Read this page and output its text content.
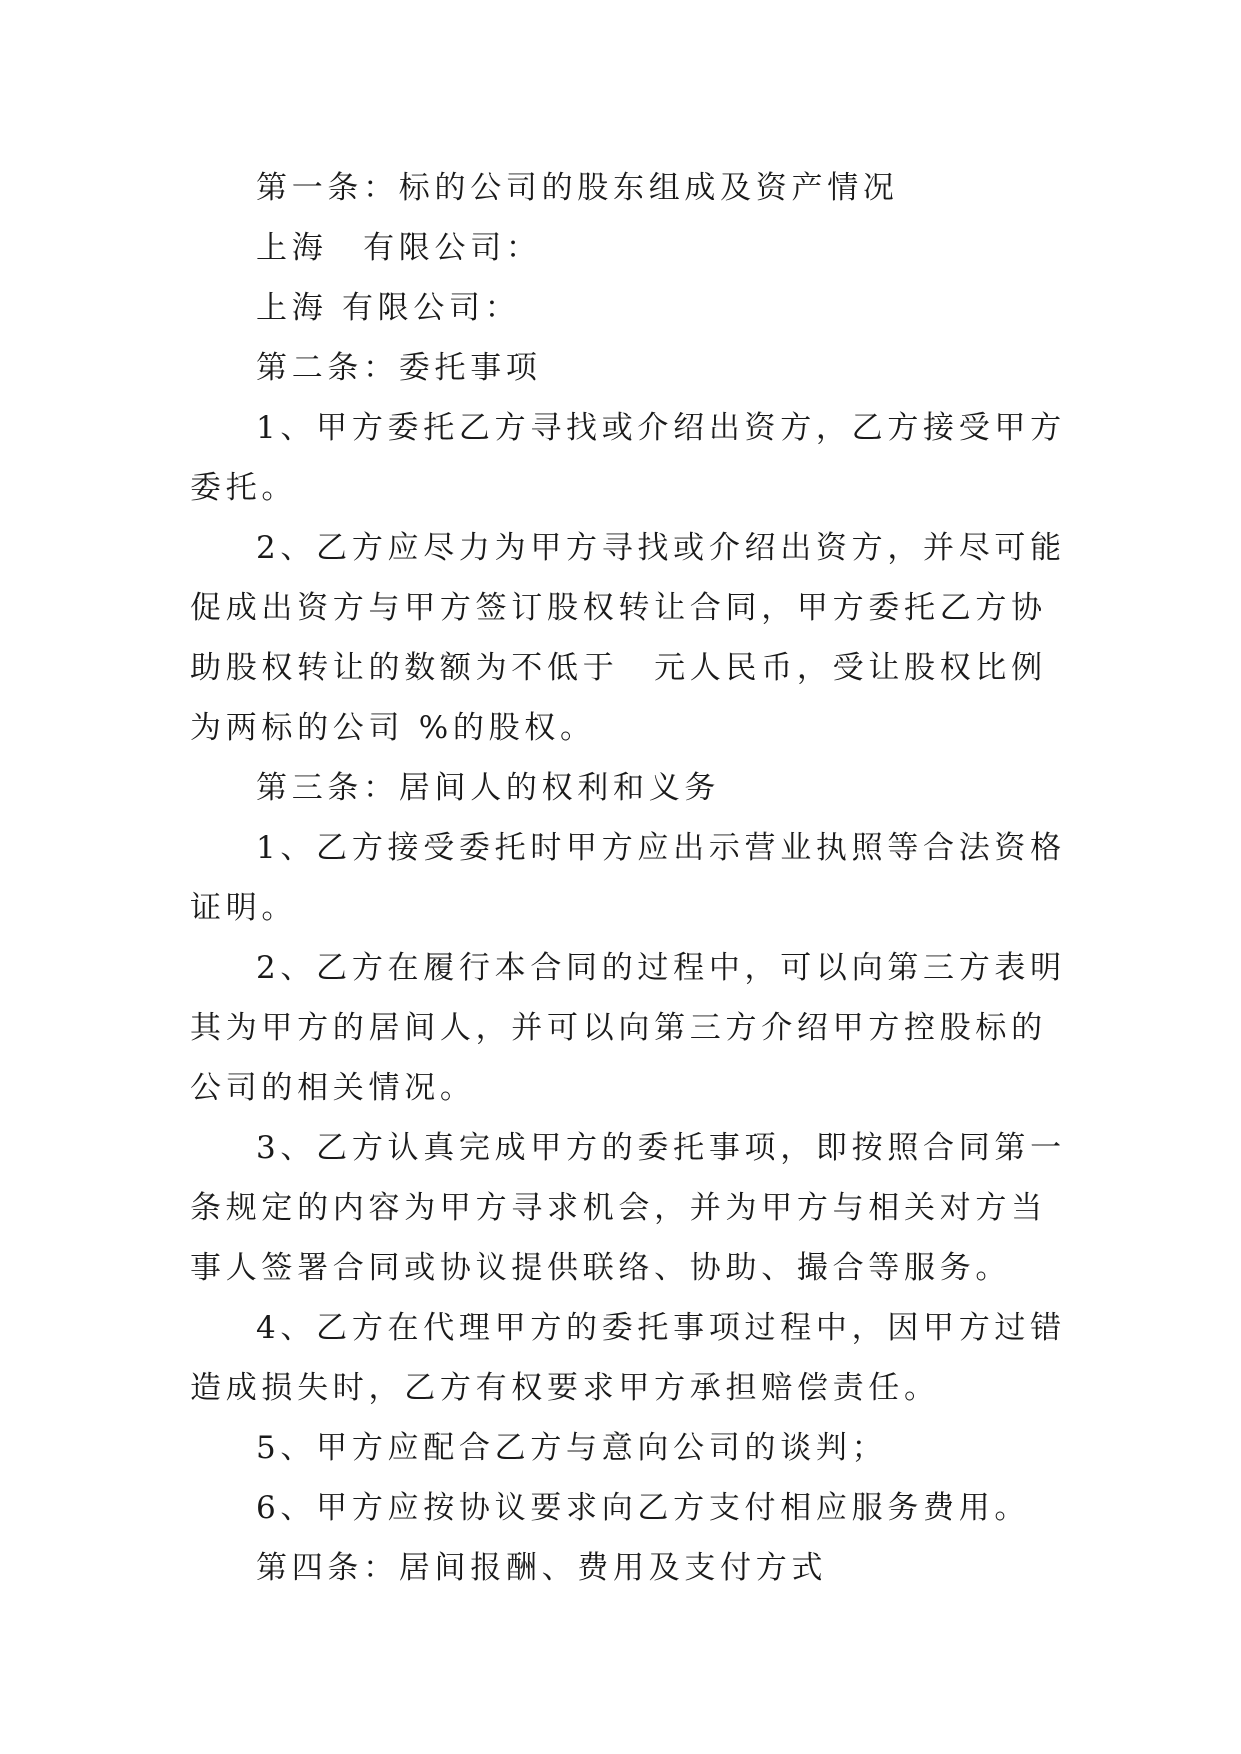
第一条：标的公司的股东组成及资产情况

上海　有限公司：

上海 有限公司：

第二条：委托事项

1、甲方委托乙方寻找或介绍出资方，乙方接受甲方委托。

2、乙方应尽力为甲方寻找或介绍出资方，并尽可能促成出资方与甲方签订股权转让合同，甲方委托乙方协助股权转让的数额为不低于　元人民币，受让股权比例为两标的公司 %的股权。

第三条：居间人的权利和义务

1、乙方接受委托时甲方应出示营业执照等合法资格证明。

2、乙方在履行本合同的过程中，可以向第三方表明其为甲方的居间人，并可以向第三方介绍甲方控股标的公司的相关情况。

3、乙方认真完成甲方的委托事项，即按照合同第一条规定的内容为甲方寻求机会，并为甲方与相关对方当事人签署合同或协议提供联络、协助、撮合等服务。

4、乙方在代理甲方的委托事项过程中，因甲方过错造成损失时，乙方有权要求甲方承担赔偿责任。

5、甲方应配合乙方与意向公司的谈判；

6、甲方应按协议要求向乙方支付相应服务费用。

第四条：居间报酬、费用及支付方式
